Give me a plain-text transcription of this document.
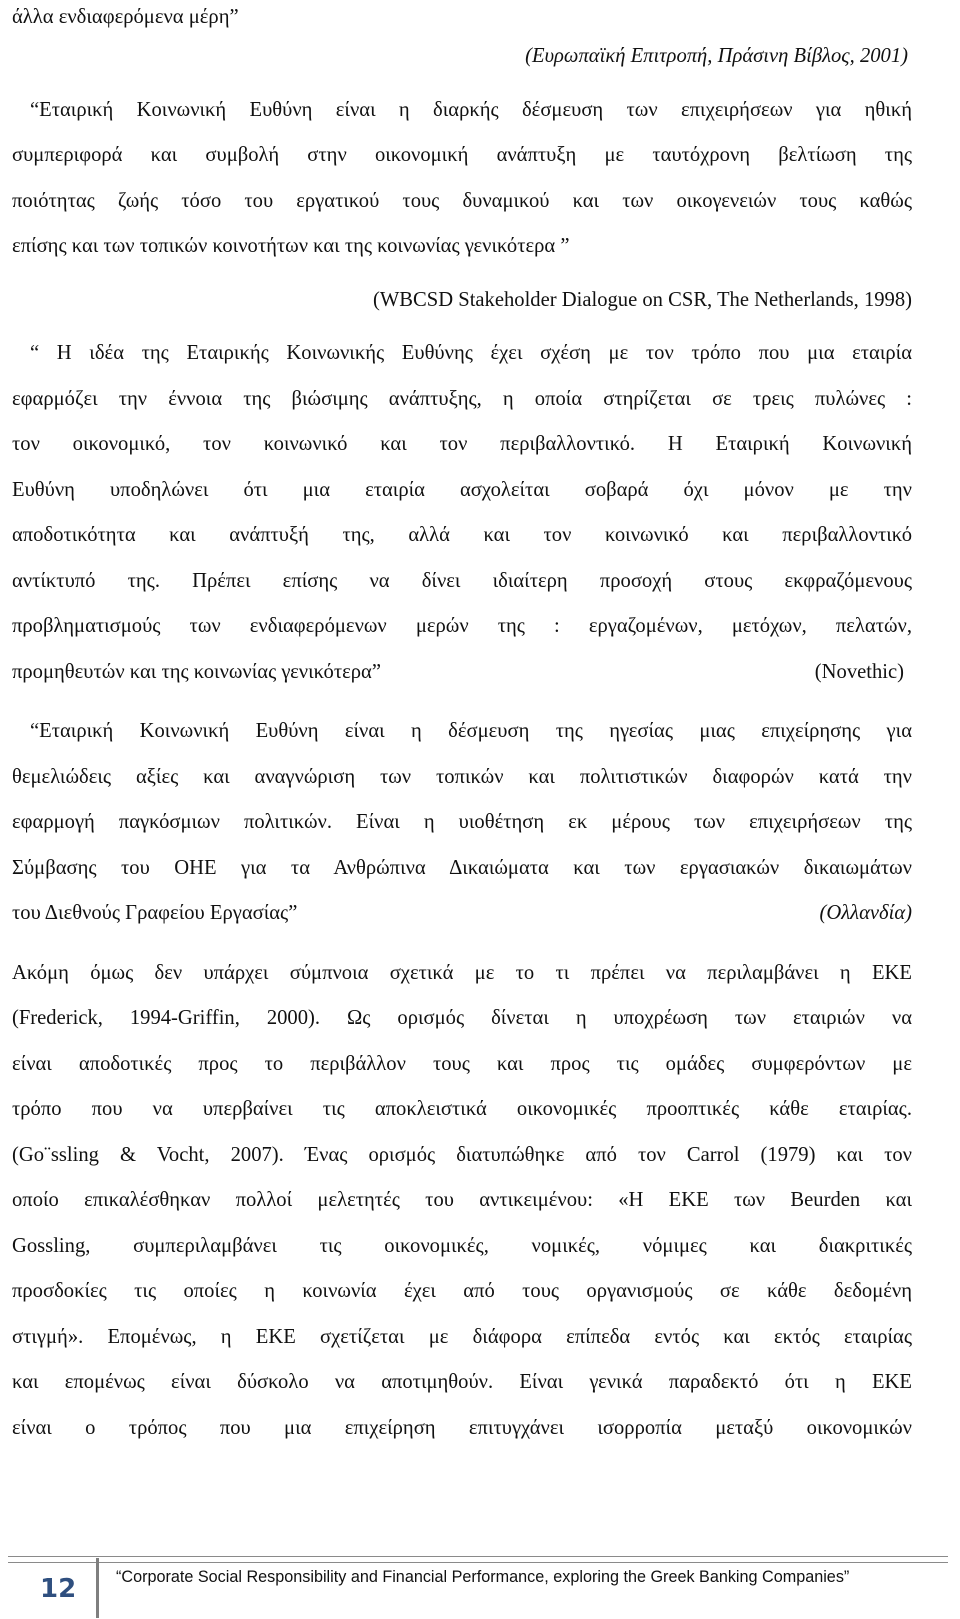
άλλα ενδιαφερόμενα μέρη”
(Ευρωπαϊκή Επιτροπή, Πράσινη Βίβλος, 2001)
“Εταιρική Κοινωνική Ευθύνη είναι η διαρκής δέσμευση των επιχειρήσεων για ηθική
συμπεριφορά και συμβολή στην οικονομική ανάπτυξη με ταυτόχρονη βελτίωση της
ποιότητας ζωής τόσο του εργατικού τους δυναμικού και των οικογενειών τους καθώς
επίσης και των τοπικών κοινοτήτων και της κοινωνίας γενικότερα ”
(WBCSD Stakeholder Dialogue on CSR, The Netherlands, 1998)
“ Η ιδέα της Εταιρικής Κοινωνικής Ευθύνης έχει σχέση με τον τρόπο που μια εταιρία
εφαρμόζει την έννοια της βιώσιμης ανάπτυξης, η οποία στηρίζεται σε τρεις πυλώνες :
τον οικονομικό, τον κοινωνικό και τον περιβαλλοντικό. Η Εταιρική Κοινωνική
Ευθύνη υποδηλώνει ότι μια εταιρία ασχολείται σοβαρά όχι μόνον με την
αποδοτικότητα και ανάπτυξή της, αλλά και τον κοινωνικό και περιβαλλοντικό
αντίκτυπό της. Πρέπει επίσης να δίνει ιδιαίτερη προσοχή στους εκφραζόμενους
προβληματισμούς των ενδιαφερόμενων μερών της : εργαζομένων, μετόχων, πελατών,
προμηθευτών και της κοινωνίας γενικότερα”	(Novethic)
“Εταιρική Κοινωνική Ευθύνη είναι η δέσμευση της ηγεσίας μιας επιχείρησης για
θεμελιώδεις αξίες και αναγνώριση των τοπικών και πολιτιστικών διαφορών κατά την
εφαρμογή παγκόσμιων πολιτικών. Είναι η υιοθέτηση εκ μέρους των επιχειρήσεων της
Σύμβασης του ΟΗΕ για τα Ανθρώπινα Δικαιώματα και των εργασιακών δικαιωμάτων
του Διεθνούς Γραφείου Εργασίας”	(Ολλανδία)
Ακόμη όμως δεν υπάρχει σύμπνοια σχετικά με το τι πρέπει να περιλαμβάνει η ΕΚΕ
(Frederick, 1994-Griffin, 2000). Ως ορισμός δίνεται η υποχρέωση των εταιριών να
είναι αποδοτικές προς το περιβάλλον τους και προς τις ομάδες συμφερόντων με
τρόπο που να υπερβαίνει τις αποκλειστικά οικονομικές προοπτικές κάθε εταιρίας.
(Go¨ssling & Vocht, 2007). Ένας ορισμός διατυπώθηκε από τον Carrol (1979) και τον
οποίο επικαλέσθηκαν πολλοί μελετητές του αντικειμένου: «Η ΕΚΕ των Beurden και
Gossling, συμπεριλαμβάνει τις οικονομικές, νομικές, νόμιμες και διακριτικές
προσδοκίες τις οποίες η κοινωνία έχει από τους οργανισμούς σε κάθε δεδομένη
στιγμή». Επομένως, η ΕΚΕ σχετίζεται με διάφορα επίπεδα εντός και εκτός εταιρίας
και επομένως είναι δύσκολο να αποτιμηθούν. Είναι γενικά παραδεκτό ότι η ΕΚΕ
είναι ο τρόπος που μια επιχείρηση επιτυγχάνει ισορροπία μεταξύ οικονομικών
12 “Corporate Social Responsibility and Financial Performance, exploring the Greek Banking Companies”
